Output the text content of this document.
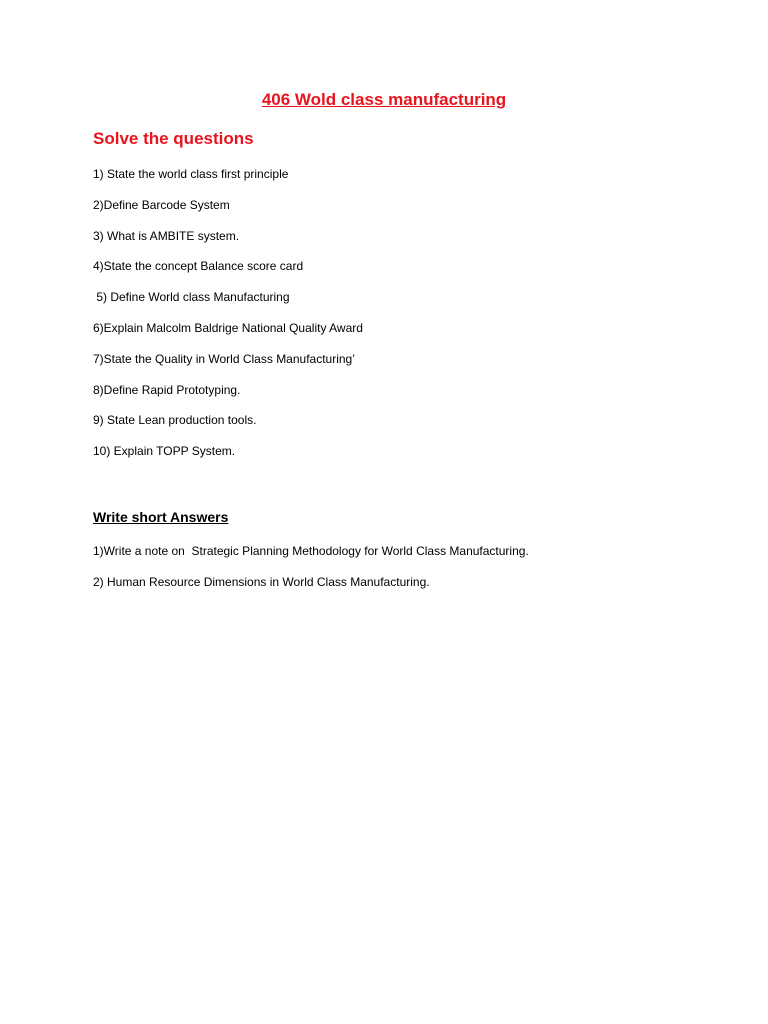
406 Wold class manufacturing
Solve the questions
1) State the world class first principle
2)Define Barcode System
3) What is AMBITE system.
4)State the concept Balance score card
5) Define World class Manufacturing
6)Explain Malcolm Baldrige National Quality Award
7)State the Quality in World Class Manufacturing’
8)Define Rapid Prototyping.
9) State Lean production tools.
10) Explain TOPP System.
Write short Answers
1)Write a note on  Strategic Planning Methodology for World Class Manufacturing.
2) Human Resource Dimensions in World Class Manufacturing.
